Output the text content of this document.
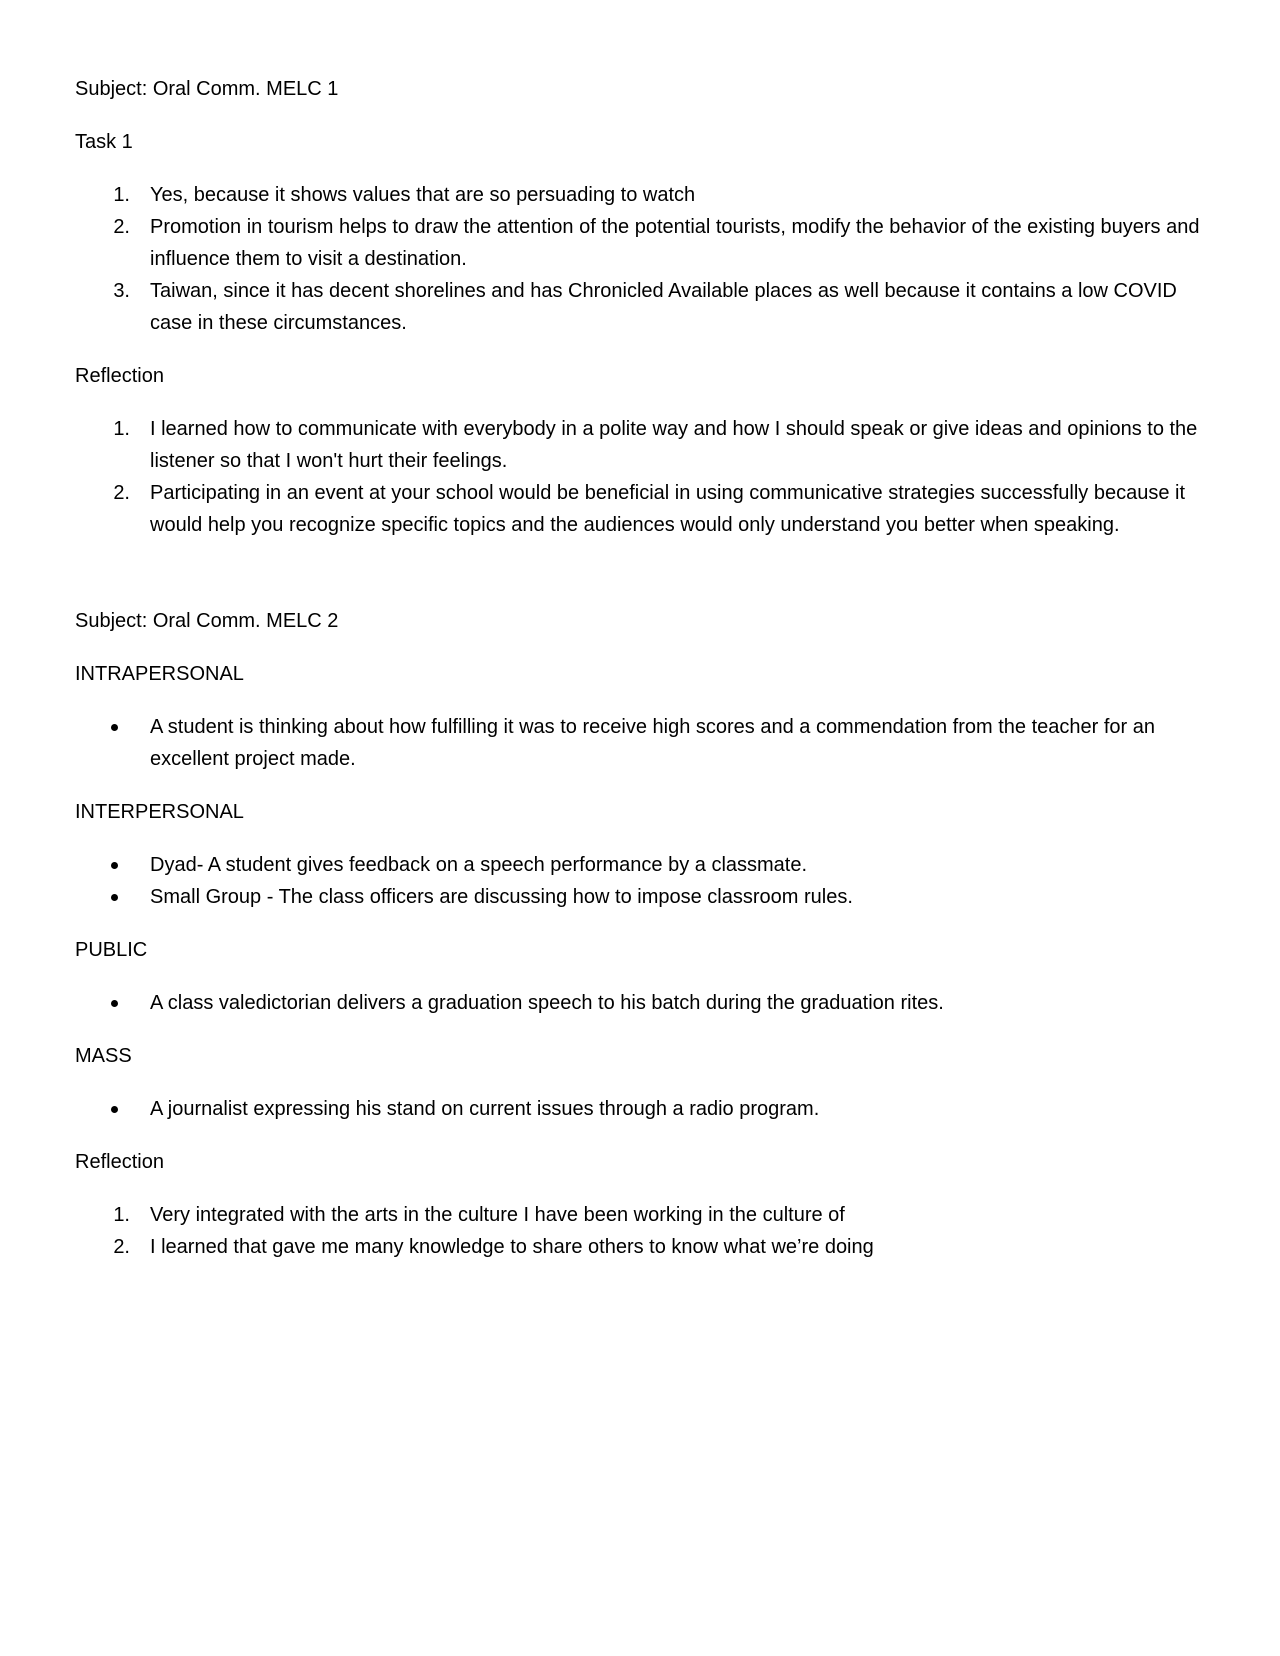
Subject: Oral Comm. MELC 1

Task 1

1. Yes, because it shows values that are so persuading to watch
2. Promotion in tourism helps to draw the attention of the potential tourists, modify the behavior of the existing buyers and influence them to visit a destination.
3. Taiwan, since it has decent shorelines and has Chronicled Available places as well because it contains a low COVID case in these circumstances.

Reflection

1. I learned how to communicate with everybody in a polite way and how I should speak or give ideas and opinions to the listener so that I won't hurt their feelings.
2. Participating in an event at your school would be beneficial in using communicative strategies successfully because it would help you recognize specific topics and the audiences would only understand you better when speaking.

Subject: Oral Comm. MELC 2

INTRAPERSONAL

A student is thinking about how fulfilling it was to receive high scores and a commendation from the teacher for an excellent project made.

INTERPERSONAL

Dyad- A student gives feedback on a speech performance by a classmate.
Small Group - The class officers are discussing how to impose classroom rules.

PUBLIC

A class valedictorian delivers a graduation speech to his batch during the graduation rites.

MASS

A journalist expressing his stand on current issues through a radio program.

Reflection

1. Very integrated with the arts in the culture I have been working in the culture of
2. I learned that gave me many knowledge to share others to know what we’re doing
